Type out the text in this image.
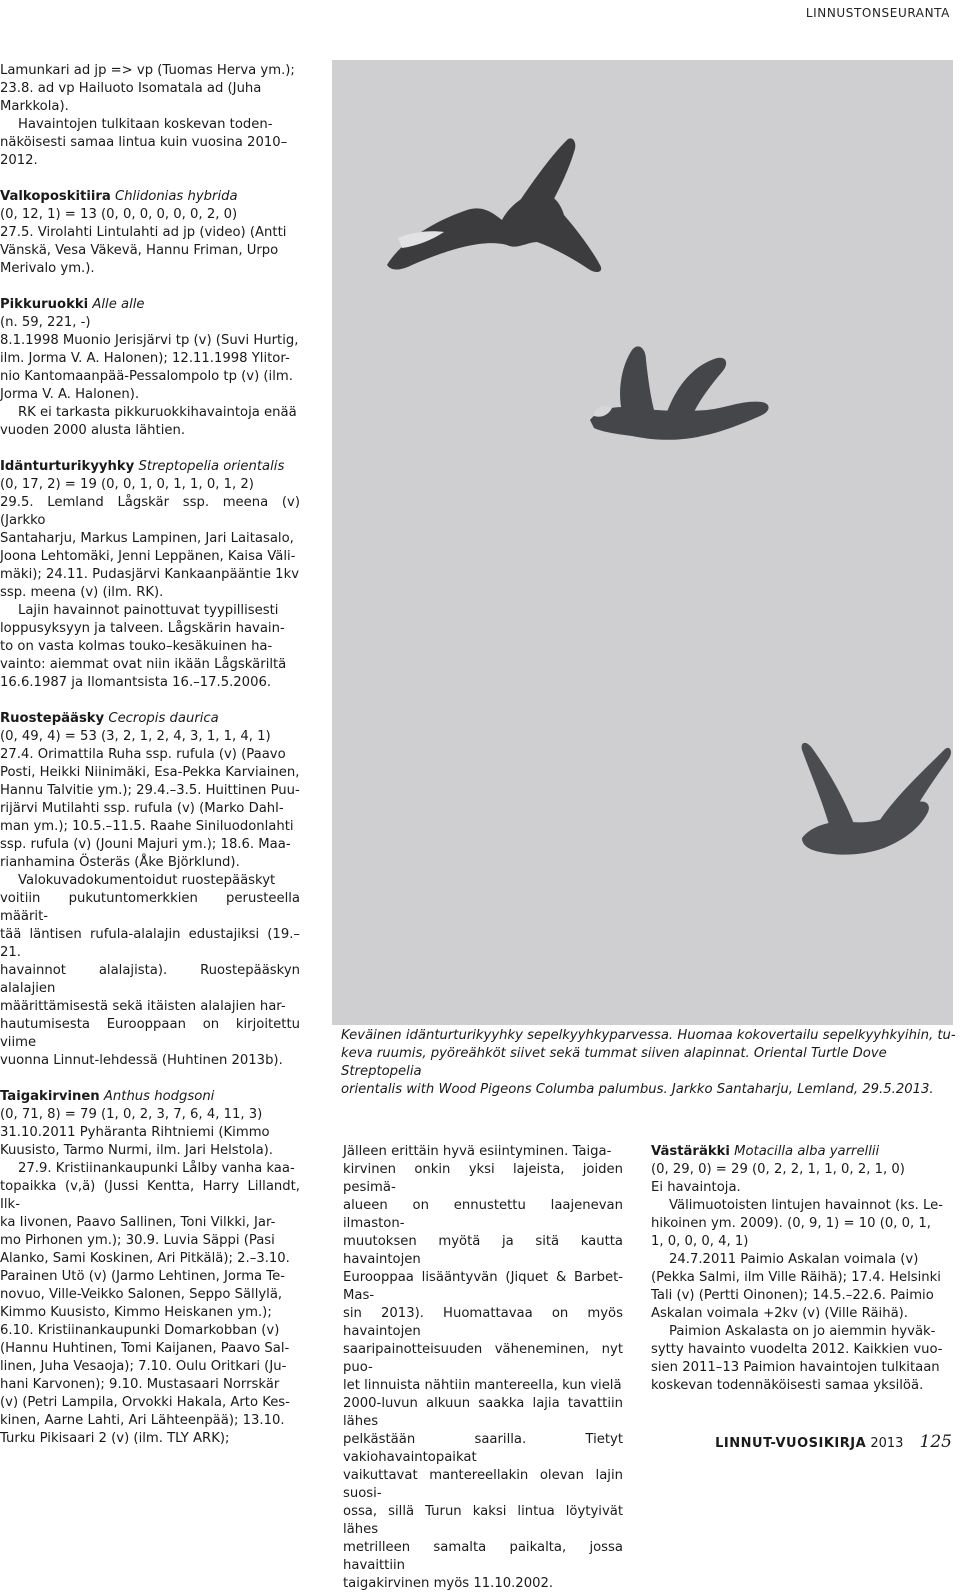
LINNUSTONSEURANTA

Lamunkari ad jp => vp (Tuomas Herva ym.);

23.8. ad vp Hailuoto Isomatala ad (Juha

Markkola).

Havaintojen tulkitaan koskevan toden-

näköisesti samaa lintua kuin vuosina 2010–

2012.

Valkoposkitiira Chlidonias hybrida

(0, 12, 1) = 13 (0, 0, 0, 0, 0, 0, 2, 0)

27.5. Virolahti Lintulahti ad jp (video) (Antti

Vänskä, Vesa Väkevä, Hannu Friman, Urpo

Merivalo ym.).

Pikkuruokki Alle alle

(n. 59, 221, -)

8.1.1998 Muonio Jerisjärvi tp (v) (Suvi Hurtig,

ilm. Jorma V. A. Halonen); 12.11.1998 Ylitor-

nio Kantomaanpää-Pessalompolo tp (v) (ilm.

Jorma V. A. Halonen).

RK ei tarkasta pikkuruokkihavaintoja enää

vuoden 2000 alusta lähtien.

Idänturturikyyhky Streptopelia orientalis

(0, 17, 2) = 19 (0, 0, 1, 0, 1, 1, 0, 1, 2)

29.5. Lemland Lågskär ssp. meena (v) (Jarkko

Santaharju, Markus Lampinen, Jari Laitasalo,

Joona Lehtomäki, Jenni Leppänen, Kaisa Väli-

mäki); 24.11. Pudasjärvi Kankaanpääntie 1kv

ssp. meena (v) (ilm. RK).

Lajin havainnot painottuvat tyypillisesti

loppusyksyyn ja talveen. Lågskärin havain-

to on vasta kolmas touko–kesäkuinen ha-

vainto: aiemmat ovat niin ikään Lågskäriltä

16.6.1987 ja Ilomantsista 16.–17.5.2006.

Ruostepääsky Cecropis daurica

(0, 49, 4) = 53 (3, 2, 1, 2, 4, 3, 1, 1, 4, 1)

27.4. Orimattila Ruha ssp. rufula (v) (Paavo

Posti, Heikki Niinimäki, Esa-Pekka Karviainen,

Hannu Talvitie ym.); 29.4.–3.5. Huittinen Puu-

rijärvi Mutilahti ssp. rufula (v) (Marko Dahl-

man ym.); 10.5.–11.5. Raahe Siniluodonlahti

ssp. rufula (v) (Jouni Majuri ym.); 18.6. Maa-

rianhamina Österäs (Åke Björklund).

Valokuvadokumentoidut ruostepääskyt

voitiin pukutuntomerkkien perusteella määrit-

tää läntisen rufula-alalajin edustajiksi (19.–21.

havainnot alalajista). Ruostepääskyn alalajien

määrittämisestä sekä itäisten alalajien har-

hautumisesta Eurooppaan on kirjoitettu viime

vuonna Linnut-lehdessä (Huhtinen 2013b).

Taigakirvinen Anthus hodgsoni

(0, 71, 8) = 79 (1, 0, 2, 3, 7, 6, 4, 11, 3)

31.10.2011 Pyhäranta Rihtniemi (Kimmo

Kuusisto, Tarmo Nurmi, ilm. Jari Helstola).

27.9. Kristiinankaupunki Lålby vanha kaa-

topaikka (v,ä) (Jussi Kentta, Harry Lillandt, Ilk-

ka Iivonen, Paavo Sallinen, Toni Vilkki, Jar-

mo Pirhonen ym.); 30.9. Luvia Säppi (Pasi

Alanko, Sami Koskinen, Ari Pitkälä); 2.–3.10.

Parainen Utö (v) (Jarmo Lehtinen, Jorma Te-

novuo, Ville-Veikko Salonen, Seppo Sällylä,

Kimmo Kuusisto, Kimmo Heiskanen ym.);

6.10. Kristiinankaupunki Domarkobban (v)

(Hannu Huhtinen, Tomi Kaijanen, Paavo Sal-

linen, Juha Vesaoja); 7.10. Oulu Oritkari (Ju-

hani Karvonen); 9.10. Mustasaari Norrskär

(v) (Petri Lampila, Orvokki Hakala, Arto Kes-

kinen, Aarne Lahti, Ari Lähteenpää); 13.10.

Turku Pikisaari 2 (v) (ilm. TLY ARK);

Keväinen idänturturikyyhky sepelkyyhkyparvessa. Huomaa kokovertailu sepelkyyhkyihin, tu-

keva ruumis, pyöreähköt siivet sekä tummat siiven alapinnat. Oriental Turtle Dove Streptopelia

orientalis with Wood Pigeons Columba palumbus. Jarkko Santaharju, Lemland, 29.5.2013.

Jälleen erittäin hyvä esiintyminen. Taiga-

kirvinen onkin yksi lajeista, joiden pesimä-

alueen on ennustettu laajenevan ilmaston-

muutoksen myötä ja sitä kautta havaintojen

Eurooppaa lisääntyvän (Jiquet & Barbet-Mas-

sin 2013). Huomattavaa on myös havaintojen

saaripainotteisuuden väheneminen, nyt puo-

let linnuista nähtiin mantereella, kun vielä

2000-luvun alkuun saakka lajia tavattiin lähes

pelkästään saarilla. Tietyt vakiohavaintopaikat

vaikuttavat mantereellakin olevan lajin suosi-

ossa, sillä Turun kaksi lintua löytyivät lähes

metrilleen samalta paikalta, jossa havaittiin

taigakirvinen myös 11.10.2002.

Västäräkki Motacilla alba yarrellii

(0, 29, 0) = 29 (0, 2, 2, 1, 1, 0, 2, 1, 0)

Ei havaintoja.

Välimuotoisten lintujen havainnot (ks. Le-

hikoinen ym. 2009). (0, 9, 1) = 10 (0, 0, 1,

1, 0, 0, 0, 4, 1)

24.7.2011 Paimio Askalan voimala (v)

(Pekka Salmi, ilm Ville Räihä); 17.4. Helsinki

Tali (v) (Pertti Oinonen); 14.5.–22.6. Paimio

Askalan voimala +2kv (v) (Ville Räihä).

Paimion Askalasta on jo aiemmin hyväk-

sytty havainto vuodelta 2012. Kaikkien vuo-

sien 2011–13 Paimion havaintojen tulkitaan

koskevan todennäköisesti samaa yksilöä.

LINNUT-VUOSIKIRJA 2013 125
